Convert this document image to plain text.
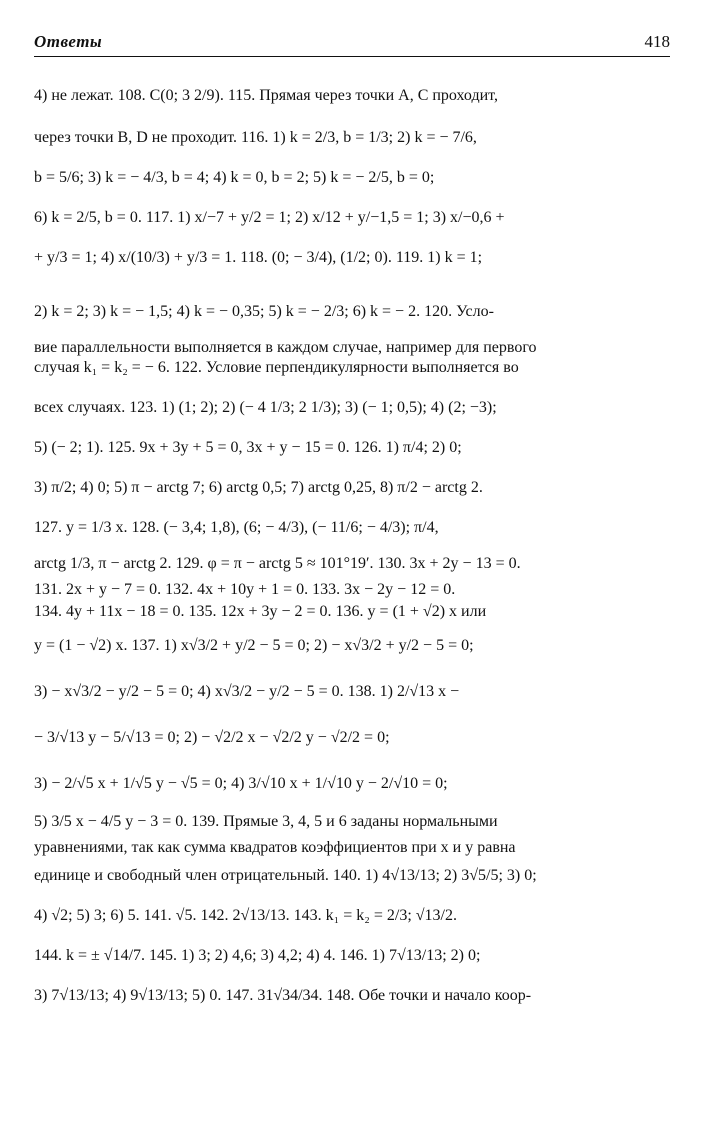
Ответы	418
4) не лежат. 108. C(0; 3 2/9). 115. Прямая через точки A, C проходит,
через точки B, D не проходит. 116. 1) k = 2/3, b = 1/3; 2) k = − 7/6,
b = 5/6; 3) k = − 4/3, b = 4; 4) k = 0, b = 2; 5) k = − 2/5, b = 0;
6) k = 2/5, b = 0. 117. 1) x/−7 + y/2 = 1; 2) x/12 + y/−1,5 = 1; 3) x/−0,6 +
+ y/3 = 1; 4) x/(10/3) + y/3 = 1. 118. (0; − 3/4), (1/2; 0). 119. 1) k = 1;
2) k = 2; 3) k = − 1,5; 4) k = − 0,35; 5) k = − 2/3; 6) k = − 2. 120. Усло-
вие параллельности выполняется в каждом случае, например для первого
случая k₁ = k₂ = − 6. 122. Условие перпендикулярности выполняется во
всех случаях. 123. 1) (1; 2); 2) (− 4 1/3; 2 1/3); 3) (− 1; 0,5); 4) (2; −3);
5) (− 2; 1). 125. 9x + 3y + 5 = 0, 3x + y − 15 = 0. 126. 1) π/4; 2) 0;
3) π/2; 4) 0; 5) π − arctg 7; 6) arctg 0,5; 7) arctg 0,25, 8) π/2 − arctg 2.
127. y = 1/3 x. 128. (− 3,4; 1,8), (6; − 4/3), (− 11/6; − 4/3); π/4,
arctg 1/3, π − arctg 2. 129. φ = π − arctg 5 ≈ 101°19′. 130. 3x + 2y − 13 = 0.
131. 2x + y − 7 = 0. 132. 4x + 10y + 1 = 0. 133. 3x − 2y − 12 = 0.
134. 4y + 11x − 18 = 0. 135. 12x + 3y − 2 = 0. 136. y = (1 + √2) x или
y = (1 − √2) x. 137. 1) x√3/2 + y/2 − 5 = 0; 2) − x√3/2 + y/2 − 5 = 0;
3) − x√3/2 − y/2 − 5 = 0; 4) x√3/2 − y/2 − 5 = 0. 138. 1) 2/√13 x −
− 3/√13 y − 5/√13 = 0; 2) − √2/2 x − √2/2 y − √2/2 = 0;
3) − 2/√5 x + 1/√5 y − √5 = 0; 4) 3/√10 x + 1/√10 y − 2/√10 = 0;
5) 3/5 x − 4/5 y − 3 = 0. 139. Прямые 3, 4, 5 и 6 заданы нормальными
уравнениями, так как сумма квадратов коэффициентов при x и y равна
единице и свободный член отрицательный. 140. 1) 4√13/13; 2) 3√5/5; 3) 0;
4) √2; 5) 3; 6) 5. 141. √5. 142. 2√13/13. 143. k₁ = k₂ = 2/3; √13/2.
144. k = ± √14/7. 145. 1) 3; 2) 4,6; 3) 4,2; 4) 4. 146. 1) 7√13/13; 2) 0;
3) 7√13/13; 4) 9√13/13; 5) 0. 147. 31√34/34. 148. Обе точки и начало коор-
